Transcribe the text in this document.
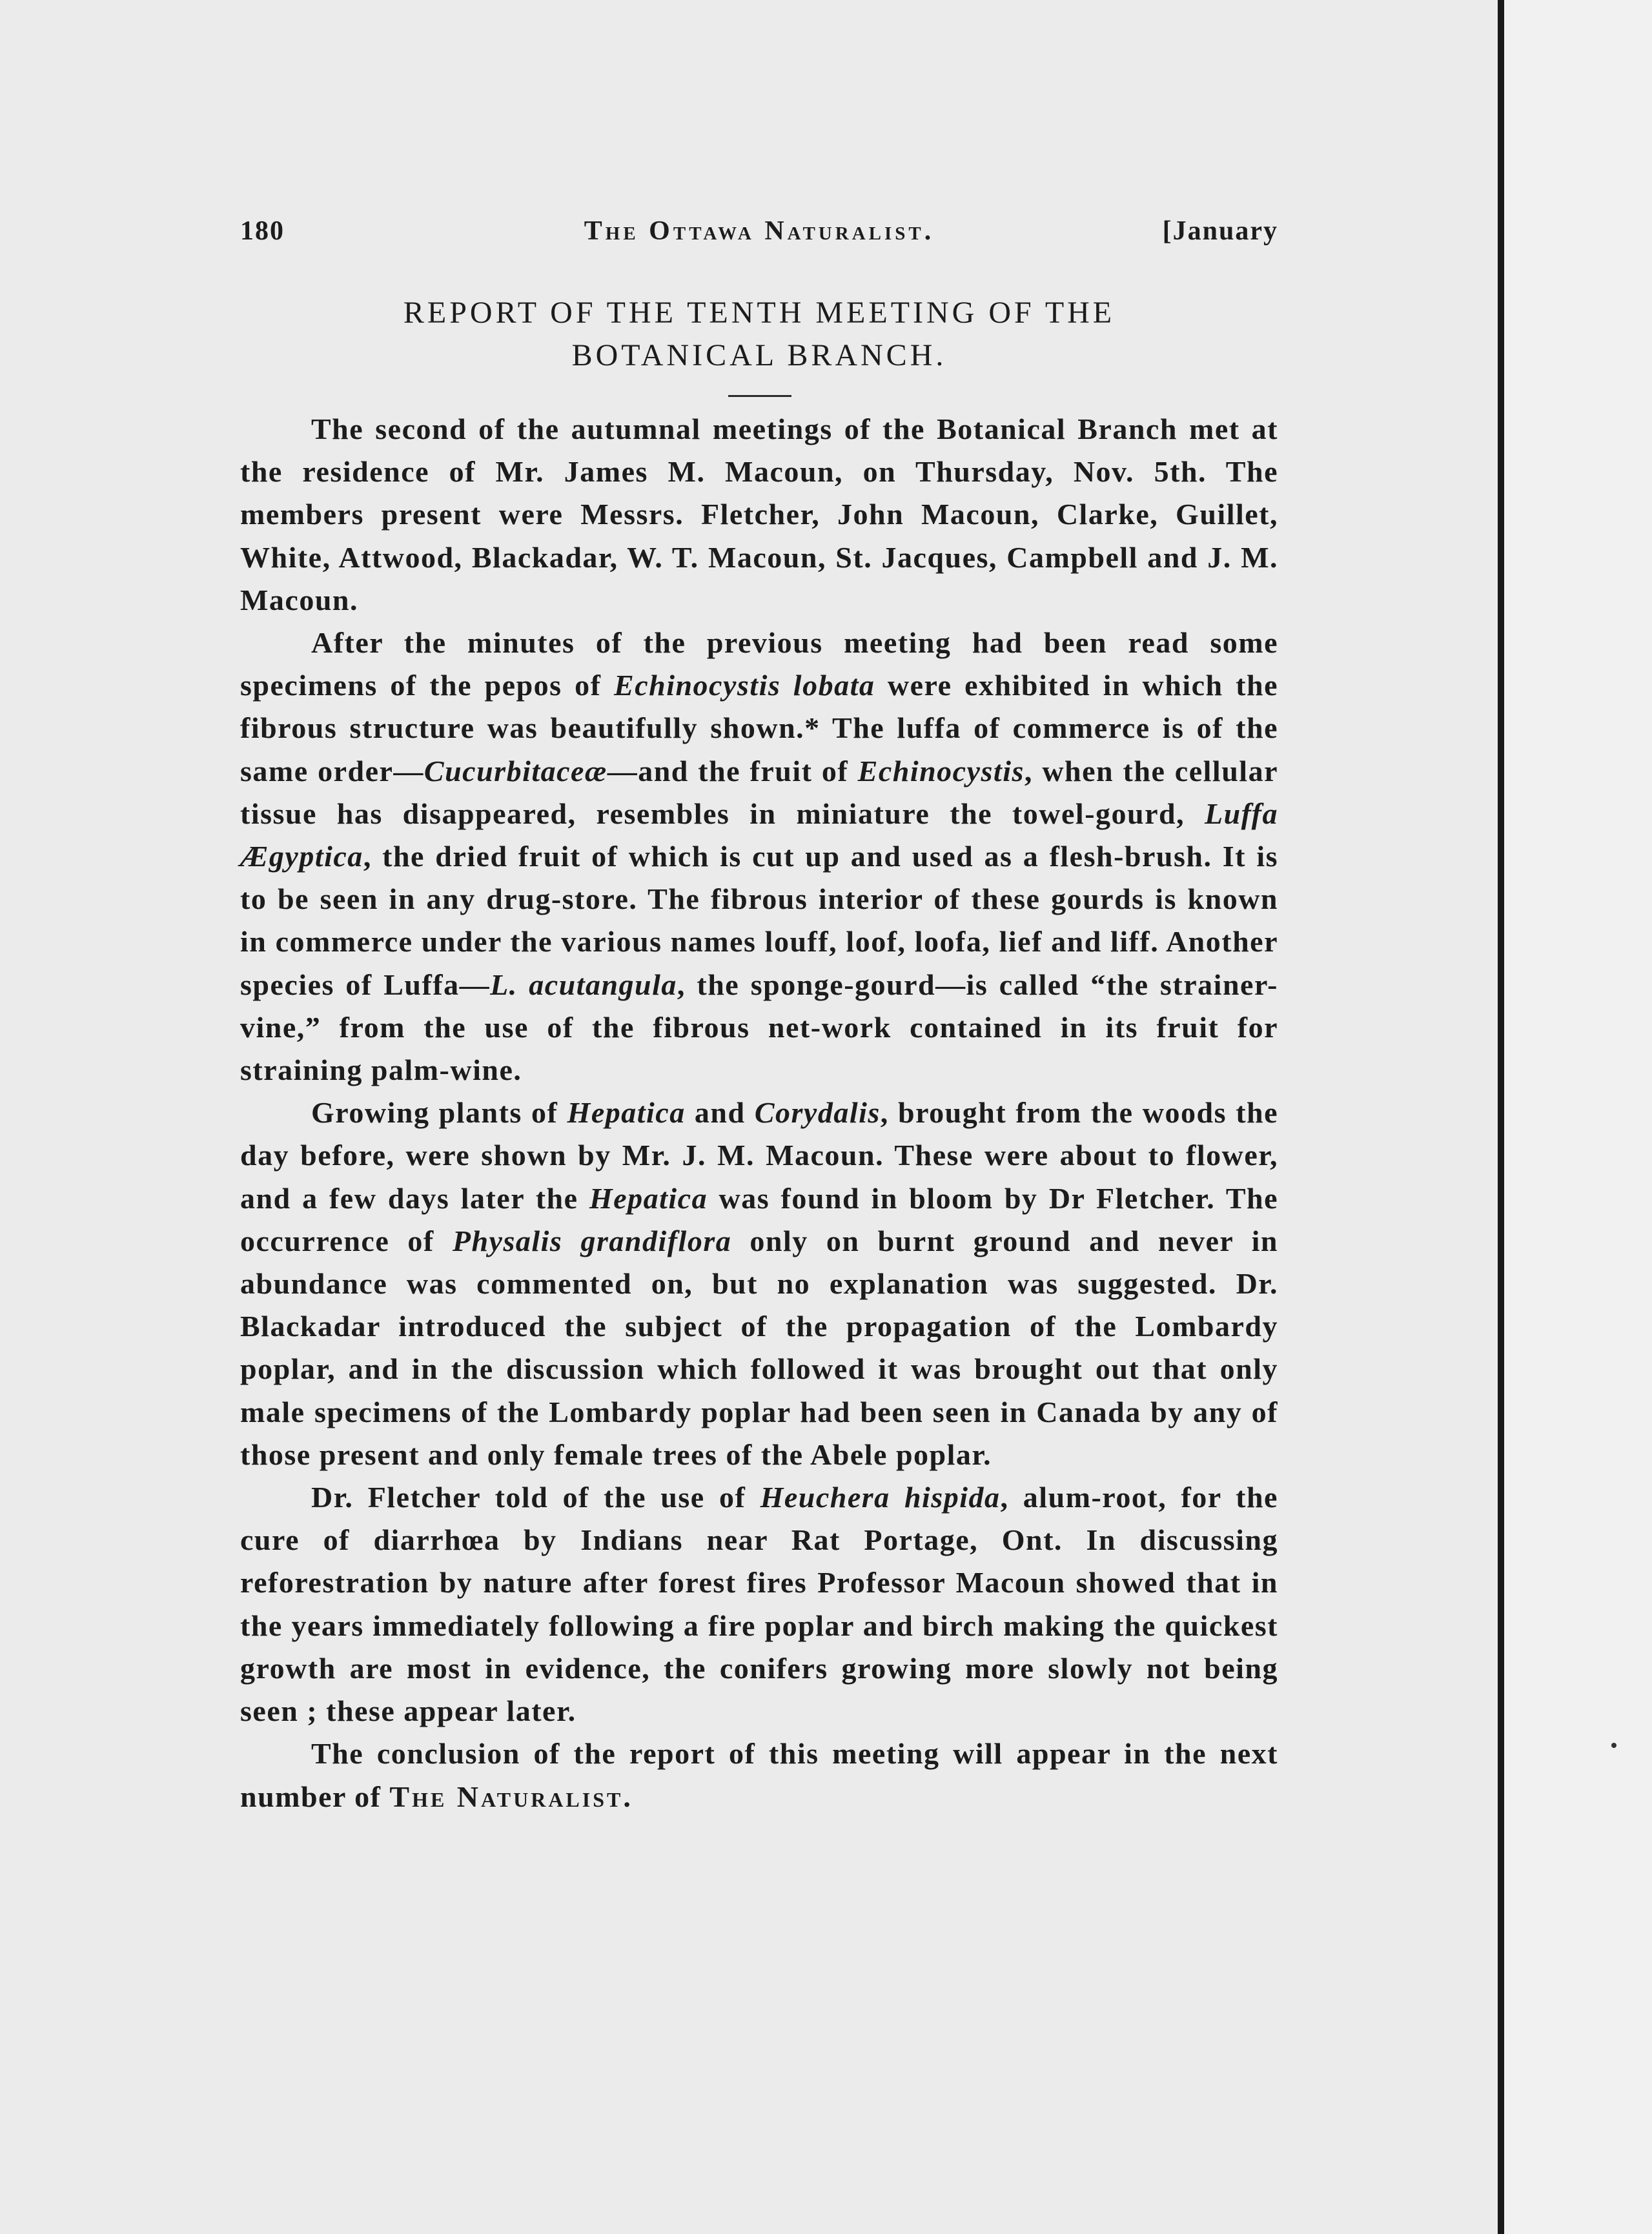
180	The Ottawa Naturalist.	[January
REPORT OF THE TENTH MEETING OF THE
BOTANICAL BRANCH.

The second of the autumnal meetings of the Botanical Branch met at the residence of Mr. James M. Macoun, on Thursday, Nov. 5th. The members present were Messrs. Fletcher, John Macoun, Clarke, Guillet, White, Attwood, Blackadar, W. T. Macoun, St. Jacques, Campbell and J. M. Macoun.

After the minutes of the previous meeting had been read some specimens of the pepos of Echinocystis lobata were exhibited in which the fibrous structure was beautifully shown.* The luffa of commerce is of the same order—Cucurbitaceæ—and the fruit of Echinocystis, when the cellular tissue has disappeared, resembles in miniature the towel-gourd, Luffa Ægyptica, the dried fruit of which is cut up and used as a flesh-brush. It is to be seen in any drug-store. The fibrous interior of these gourds is known in commerce under the various names louff, loof, loofa, lief and liff. Another species of Luffa—L. acutangula, the sponge-gourd—is called “the strainer-vine,” from the use of the fibrous net-work contained in its fruit for straining palm-wine.

Growing plants of Hepatica and Corydalis, brought from the woods the day before, were shown by Mr. J. M. Macoun. These were about to flower, and a few days later the Hepatica was found in bloom by Dr Fletcher. The occurrence of Physalis grandiflora only on burnt ground and never in abundance was commented on, but no explanation was suggested. Dr. Blackadar introduced the subject of the propagation of the Lombardy poplar, and in the discussion which followed it was brought out that only male specimens of the Lombardy poplar had been seen in Canada by any of those present and only female trees of the Abele poplar.

Dr. Fletcher told of the use of Heuchera hispida, alum-root, for the cure of diarrhœa by Indians near Rat Portage, Ont. In discussing reforestration by nature after forest fires Professor Macoun showed that in the years immediately following a fire poplar and birch making the quickest growth are most in evidence, the conifers growing more slowly not being seen ; these appear later.

The conclusion of the report of this meeting will appear in the next number of The Naturalist.
